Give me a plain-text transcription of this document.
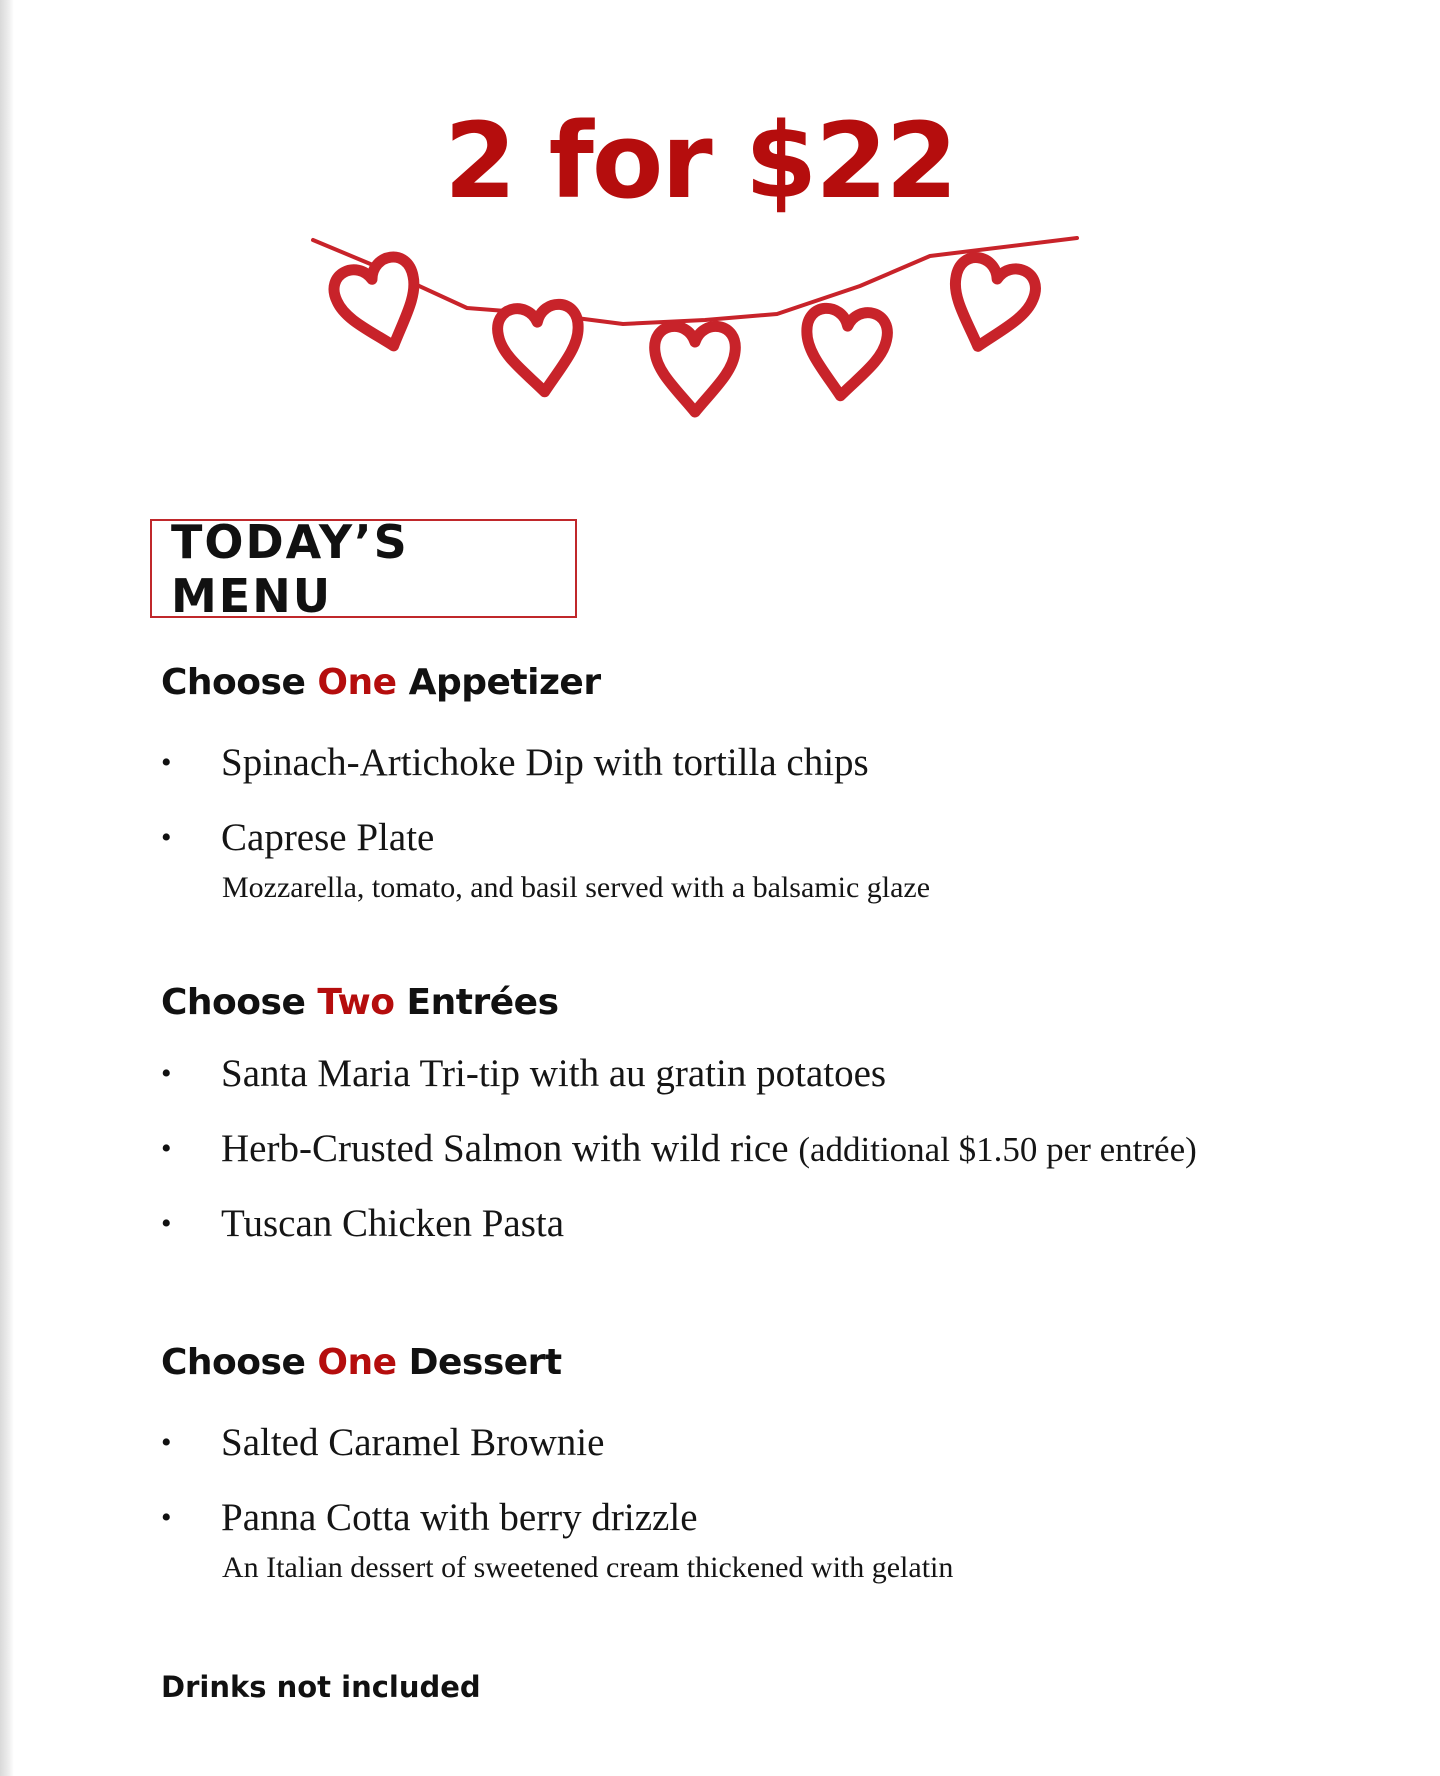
2 for $22
TODAY’S MENU
Choose One Appetizer
• Spinach-Artichoke Dip with tortilla chips
• Caprese Plate
Mozzarella, tomato, and basil served with a balsamic glaze
Choose Two Entrées
• Santa Maria Tri-tip with au gratin potatoes
• Herb-Crusted Salmon with wild rice (additional $1.50 per entrée)
• Tuscan Chicken Pasta
Choose One Dessert
• Salted Caramel Brownie
• Panna Cotta with berry drizzle
An Italian dessert of sweetened cream thickened with gelatin
Drinks not included
